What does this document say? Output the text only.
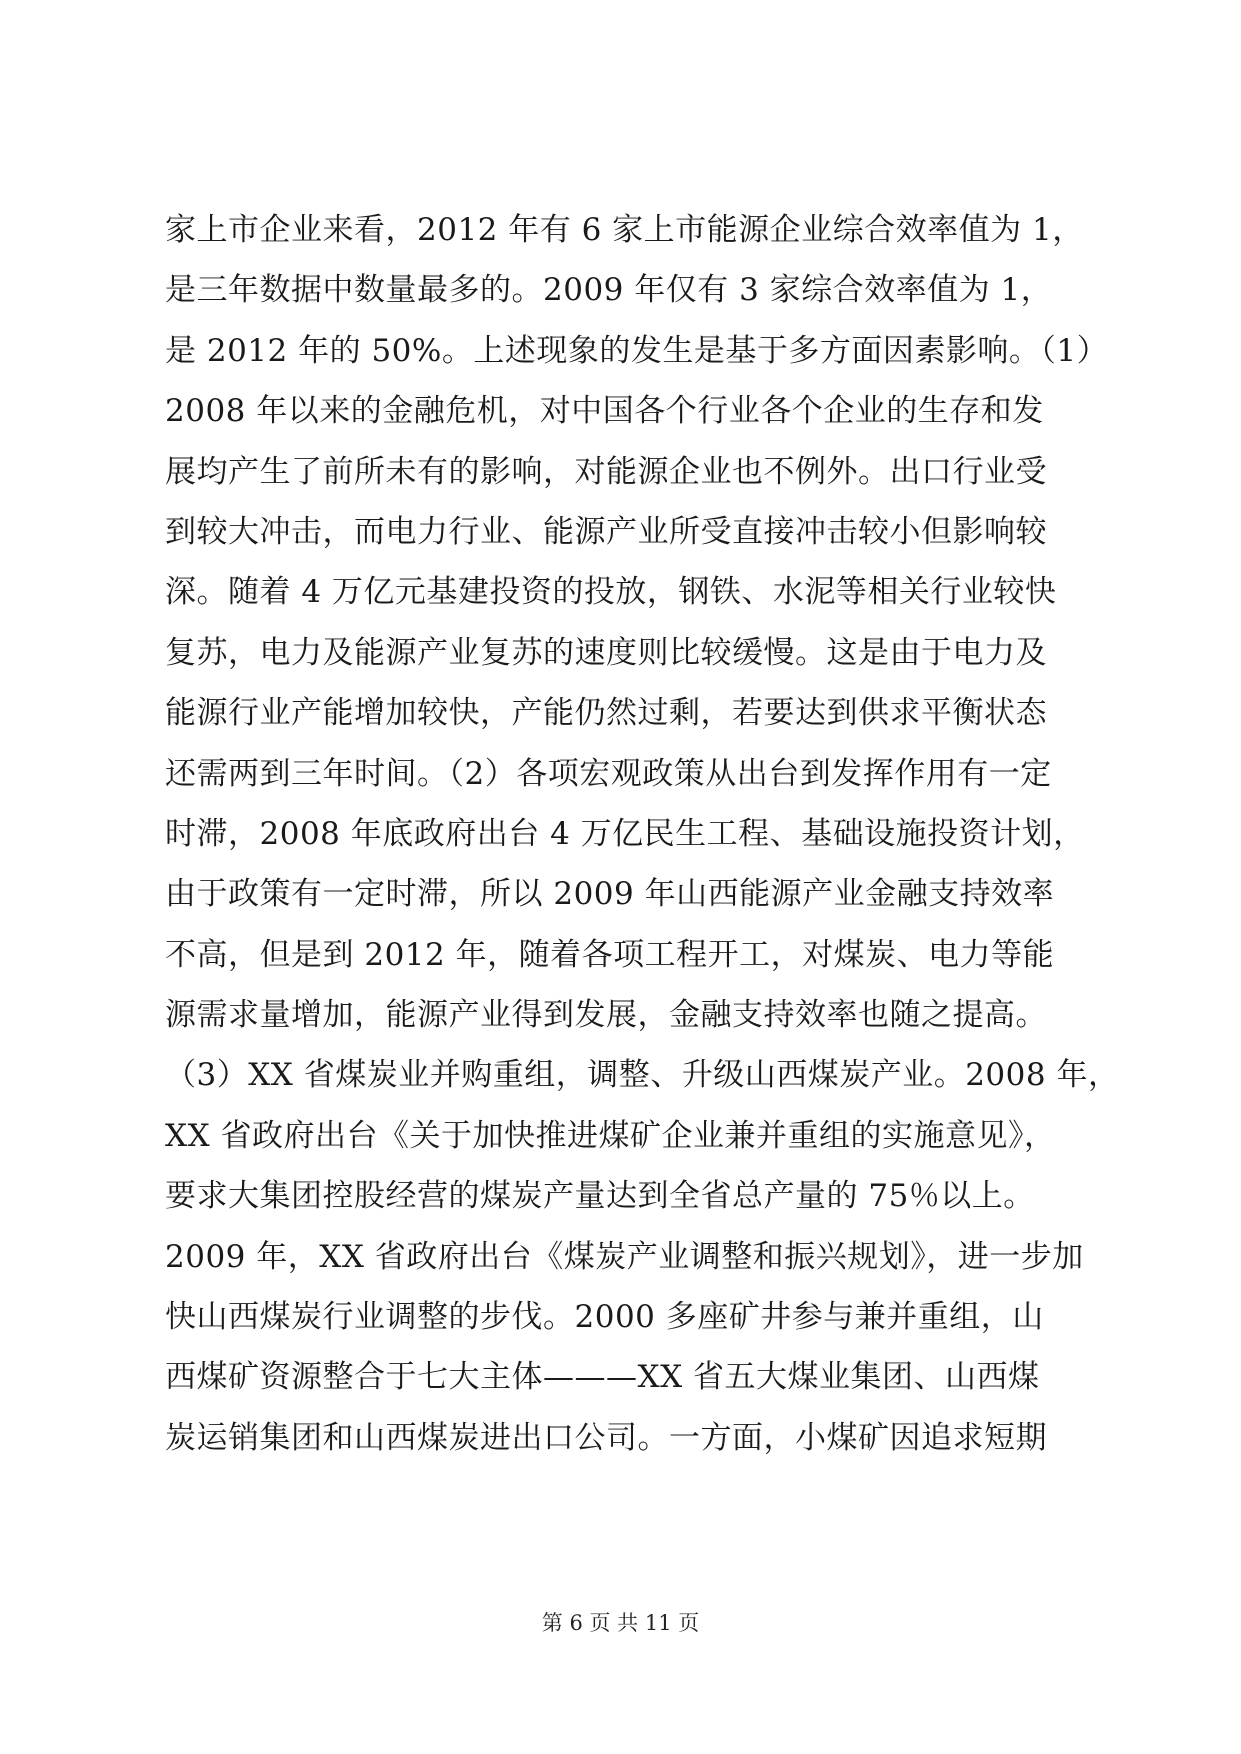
家上市企业来看，2012 年有 6 家上市能源企业综合效率值为 1，
是三年数据中数量最多的。2009 年仅有 3 家综合效率值为 1，
是 2012 年的 50%。上述现象的发生是基于多方面因素影响。（1）
2008 年以来的金融危机，对中国各个行业各个企业的生存和发
展均产生了前所未有的影响，对能源企业也不例外。出口行业受
到较大冲击，而电力行业、能源产业所受直接冲击较小但影响较
深。随着 4 万亿元基建投资的投放，钢铁、水泥等相关行业较快
复苏，电力及能源产业复苏的速度则比较缓慢。这是由于电力及
能源行业产能增加较快，产能仍然过剩，若要达到供求平衡状态
还需两到三年时间。（2）各项宏观政策从出台到发挥作用有一定
时滞，2008 年底政府出台 4 万亿民生工程、基础设施投资计划，
由于政策有一定时滞，所以 2009 年山西能源产业金融支持效率
不高，但是到 2012 年，随着各项工程开工，对煤炭、电力等能
源需求量增加，能源产业得到发展，金融支持效率也随之提高。
（3）XX 省煤炭业并购重组，调整、升级山西煤炭产业。2008 年，
XX 省政府出台《关于加快推进煤矿企业兼并重组的实施意见》，
要求大集团控股经营的煤炭产量达到全省总产量的 75％以上。
2009 年，XX 省政府出台《煤炭产业调整和振兴规划》，进一步加
快山西煤炭行业调整的步伐。2000 多座矿井参与兼并重组，山
西煤矿资源整合于七大主体———XX 省五大煤业集团、山西煤
炭运销集团和山西煤炭进出口公司。一方面，小煤矿因追求短期
第 6 页 共 11 页
